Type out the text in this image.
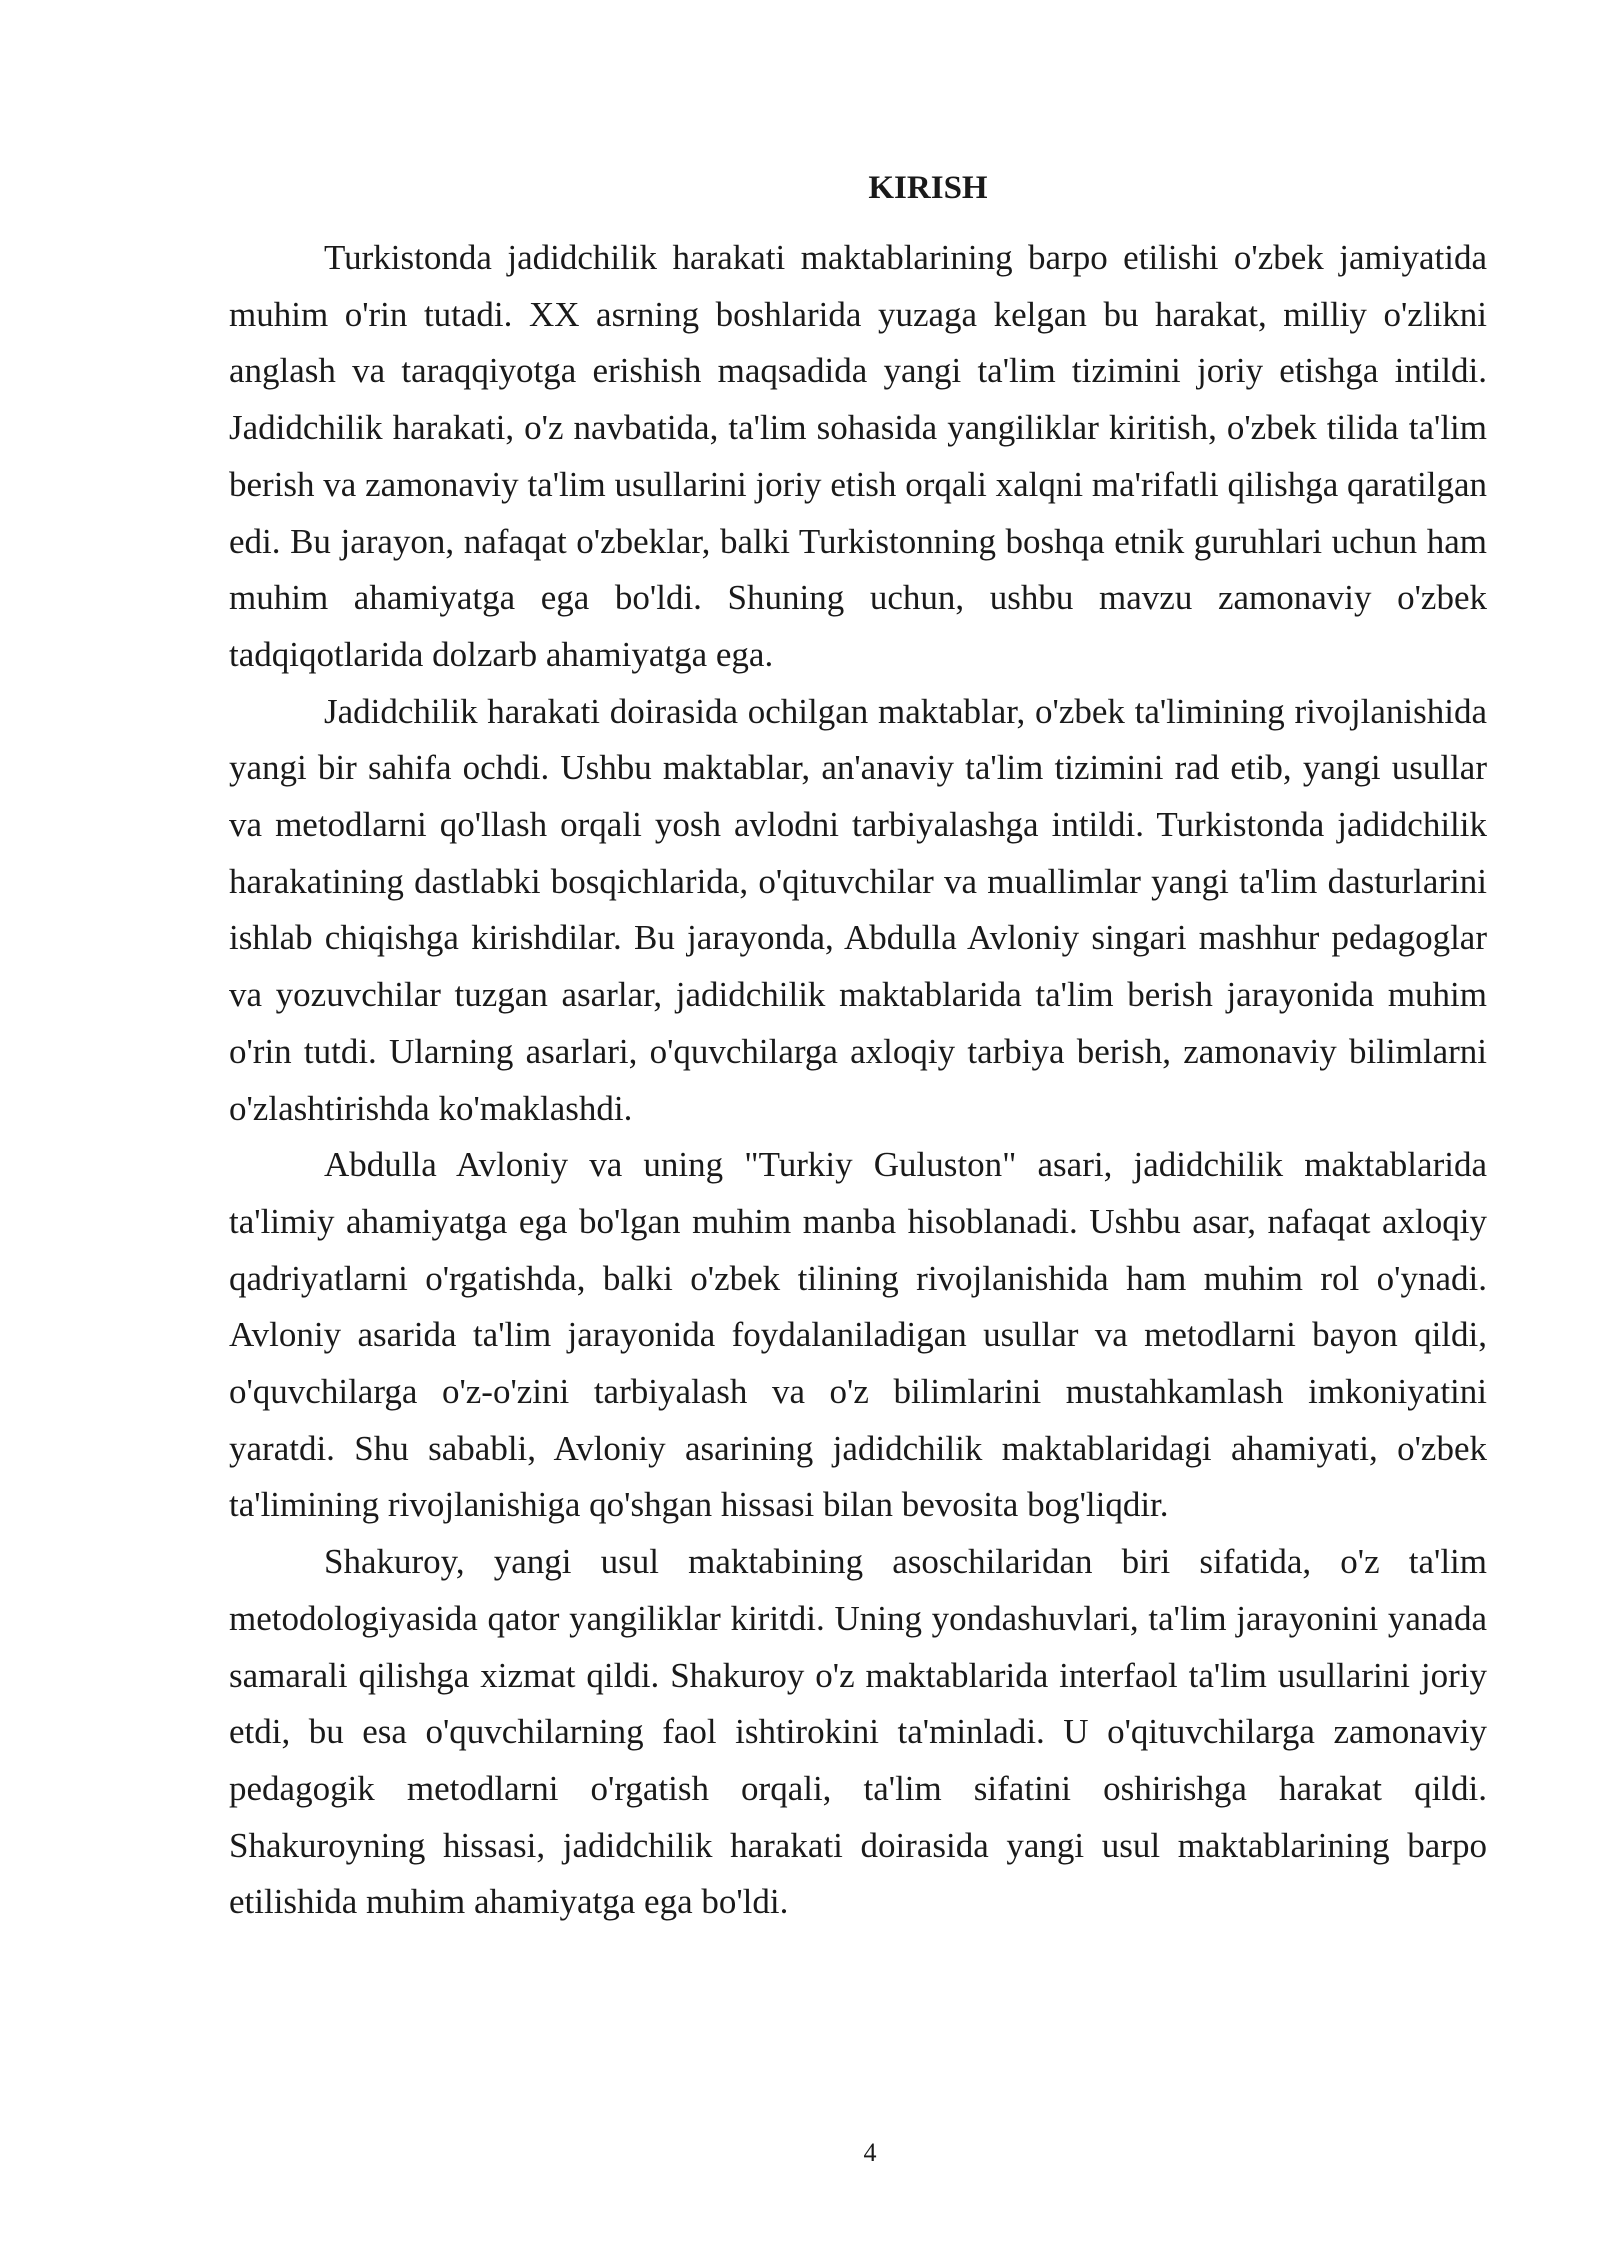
KIRISH

Turkistonda jadidchilik harakati maktablarining barpo etilishi o'zbek jamiyatida muhim o'rin tutadi. XX asrning boshlarida yuzaga kelgan bu harakat, milliy o'zlikni anglash va taraqqiyotga erishish maqsadida yangi ta'lim tizimini joriy etishga intildi. Jadidchilik harakati, o'z navbatida, ta'lim sohasida yangiliklar kiritish, o'zbek tilida ta'lim berish va zamonaviy ta'lim usullarini joriy etish orqali xalqni ma'rifatli qilishga qaratilgan edi. Bu jarayon, nafaqat o'zbeklar, balki Turkistonning boshqa etnik guruhlari uchun ham muhim ahamiyatga ega bo'ldi. Shuning uchun, ushbu mavzu zamonaviy o'zbek tadqiqotlarida dolzarb ahamiyatga ega.

Jadidchilik harakati doirasida ochilgan maktablar, o'zbek ta'limining rivojlanishida yangi bir sahifa ochdi. Ushbu maktablar, an'anaviy ta'lim tizimini rad etib, yangi usullar va metodlarni qo'llash orqali yosh avlodni tarbiyalashga intildi. Turkistonda jadidchilik harakatining dastlabki bosqichlarida, o'qituvchilar va muallimlar yangi ta'lim dasturlarini ishlab chiqishga kirishdilar. Bu jarayonda, Abdulla Avloniy singari mashhur pedagoglar va yozuvchilar tuzgan asarlar, jadidchilik maktablarida ta'lim berish jarayonida muhim o'rin tutdi. Ularning asarlari, o'quvchilarga axloqiy tarbiya berish, zamonaviy bilimlarni o'zlashtirishda ko'maklashdi.

Abdulla Avloniy va uning "Turkiy Guluston" asari, jadidchilik maktablarida ta'limiy ahamiyatga ega bo'lgan muhim manba hisoblanadi. Ushbu asar, nafaqat axloqiy qadriyatlarni o'rgatishda, balki o'zbek tilining rivojlanishida ham muhim rol o'ynadi. Avloniy asarida ta'lim jarayonida foydalaniladigan usullar va metodlarni bayon qildi, o'quvchilarga o'z-o'zini tarbiyalash va o'z bilimlarini mustahkamlash imkoniyatini yaratdi. Shu sababli, Avloniy asarining jadidchilik maktablaridagi ahamiyati, o'zbek ta'limining rivojlanishiga qo'shgan hissasi bilan bevosita bog'liqdir.

Shakuroy, yangi usul maktabining asoschilaridan biri sifatida, o'z ta'lim metodologiyasida qator yangiliklar kiritdi. Uning yondashuvlari, ta'lim jarayonini yanada samarali qilishga xizmat qildi. Shakuroy o'z maktablarida interfaol ta'lim usullarini joriy etdi, bu esa o'quvchilarning faol ishtirokini ta'minladi. U o'qituvchilarga zamonaviy pedagogik metodlarni o'rgatish orqali, ta'lim sifatini oshirishga harakat qildi. Shakuroyning hissasi, jadidchilik harakati doirasida yangi usul maktablarining barpo etilishida muhim ahamiyatga ega bo'ldi.

4
